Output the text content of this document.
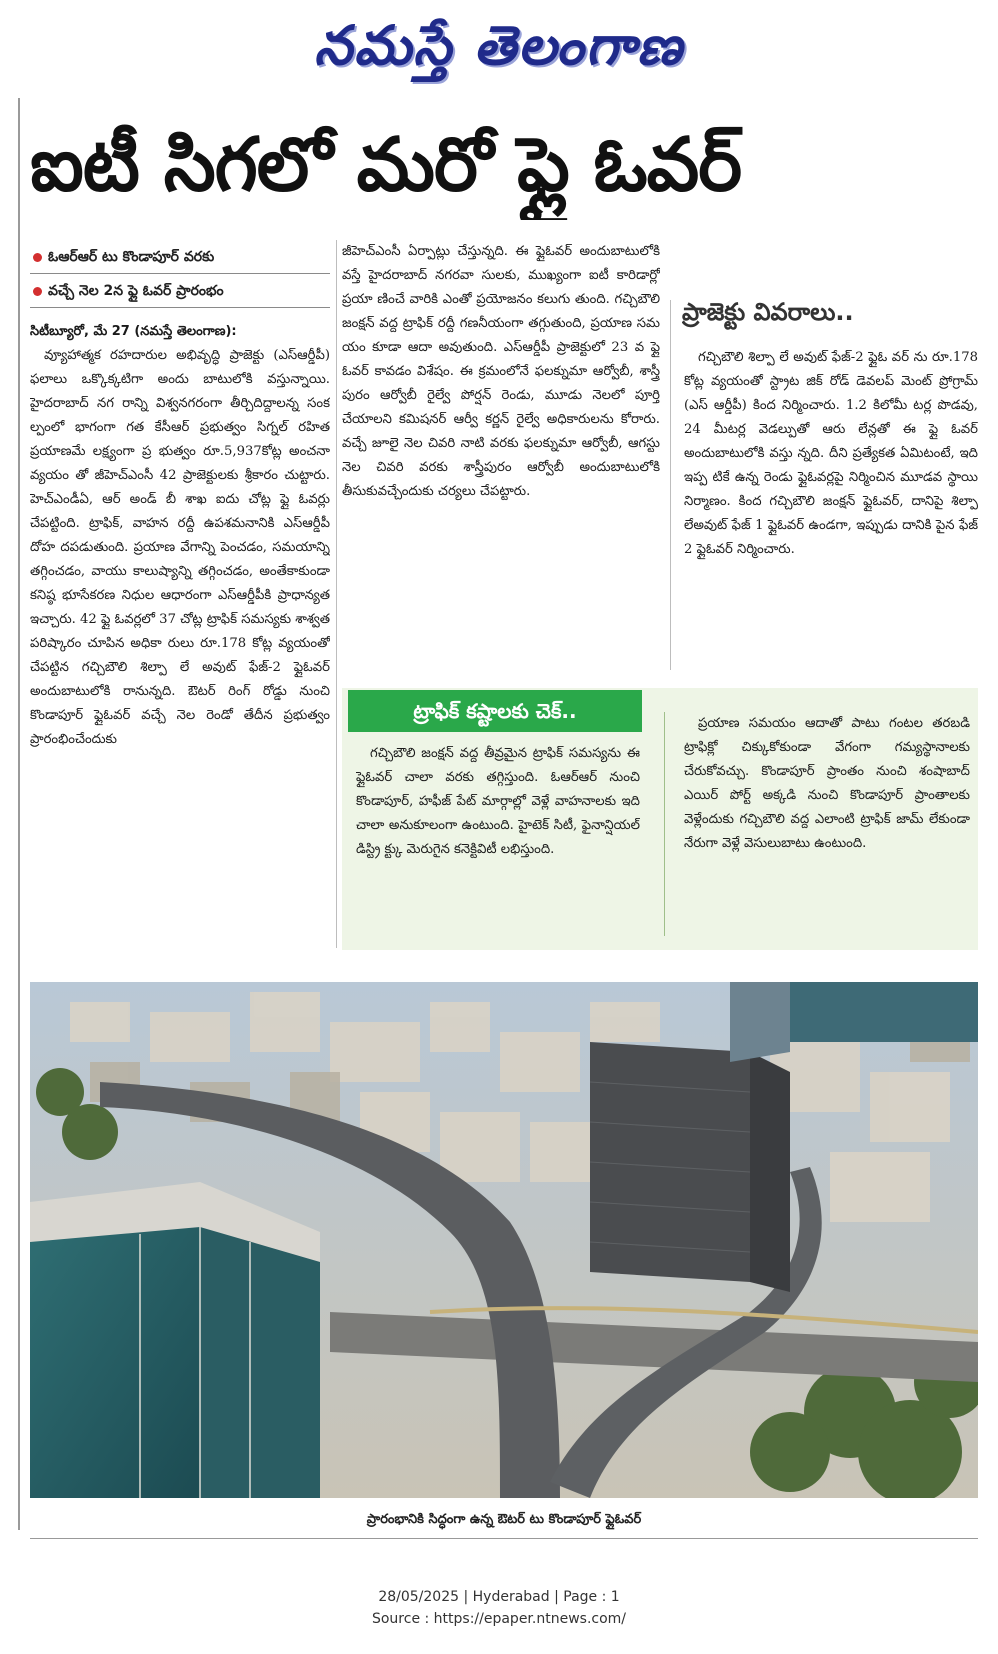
నమస్తే తెలంగాణ
ఐటీ సిగలో మరో ఫ్లై ఓవర్
ఓఆర్ఆర్ టు కొండాపూర్ వరకు
వచ్చే నెల 2న ఫ్లై ఓవర్ ప్రారంభం

సిటీబ్యూరో, మే 27 (నమస్తే తెలంగాణ):

వ్యూహాత్మక రహదారుల అభివృద్ధి ప్రాజెక్టు (ఎస్ఆర్డీపీ) ఫలాలు ఒక్కొక్కటిగా అందు బాటులోకి వస్తున్నాయి. హైదరాబాద్ నగ రాన్ని విశ్వనగరంగా తీర్చిదిద్దాలన్న సంక ల్పంలో భాగంగా గత కేసీఆర్ ప్రభుత్వం సిగ్నల్ రహిత ప్రయాణమే లక్ష్యంగా ప్ర భుత్వం రూ.5,937కోట్ల అంచనా వ్యయం తో జీహెచ్ఎంసీ 42 ప్రాజెక్టులకు శ్రీకారం చుట్టారు. హెచ్ఎండీఏ, ఆర్ అండ్ బీ శాఖ ఐదు చోట్ల ఫ్లై ఓవర్లు చేపట్టింది. ట్రాఫిక్, వాహన రద్దీ ఉపశమనానికి ఎస్ఆర్డీపీ దోహ దపడుతుంది. ప్రయాణ వేగాన్ని పెంచడం, సమయాన్ని తగ్గించడం, వాయు కాలుష్యాన్ని తగ్గించడం, అంతేకాకుండా కనిష్ఠ భూసేకరణ నిధుల ఆధారంగా ఎస్ఆర్డీపీకి ప్రాధాన్యత ఇచ్చారు. 42 ఫ్లై ఓవర్లలో 37 చోట్ల ట్రాఫిక్ సమస్యకు శాశ్వత పరిష్కారం చూపిన అధికా రులు రూ.178 కోట్ల వ్యయంతో చేపట్టిన గచ్చిబౌలి శిల్పా లే అవుట్ ఫేజ్-2 ఫ్లైఓవర్ అందుబాటులోకి రానున్నది. ఔటర్ రింగ్ రోడ్డు నుంచి కొండాపూర్ ఫ్లైఓవర్ వచ్చే నెల రెండో తేదీన ప్రభుత్వం ప్రారంభించేందుకు

జీహెచ్ఎంసీ ఏర్పాట్లు చేస్తున్నది. ఈ ఫ్లైఓవర్ అందుబాటులోకి వస్తే హైదరాబాద్ నగరవా సులకు, ముఖ్యంగా ఐటీ కారిడార్లో ప్రయా ణించే వారికి ఎంతో ప్రయోజనం కలుగు తుంది. గచ్చిబౌలి జంక్షన్ వద్ద ట్రాఫిక్ రద్దీ గణనీయంగా తగ్గుతుంది, ప్రయాణ సమ యం కూడా ఆదా అవుతుంది. ఎస్ఆర్డీపీ ప్రాజెక్టులో 23 వ ఫ్లై ఓవర్ కావడం విశేషం. ఈ క్రమంలోనే ఫలక్నుమా ఆర్వోబీ, శాస్త్రీ పురం ఆర్వోబీ రైల్వే పోర్షన్ రెండు, మూడు నెలలో పూర్తి చేయాలని కమిషనర్ ఆర్వీ కర్ణన్ రైల్వే అధికారులను కోరారు. వచ్చే జూలై నెల చివరి నాటి వరకు ఫలక్నుమా ఆర్వోబీ, ఆగస్టు నెల చివరి వరకు శాస్త్రీపురం ఆర్వోబీ అందుబాటులోకి తీసుకువచ్చేందుకు చర్యలు చేపట్టారు.

ప్రాజెక్టు వివరాలు..

గచ్చిబౌలి శిల్పా లే అవుట్ ఫేజ్-2 ఫ్లైఓ వర్ ను రూ.178 కోట్ల వ్యయంతో స్ట్రాట జిక్ రోడ్ డెవలప్ మెంట్ ప్రోగ్రామ్ (ఎస్ ఆర్డీపీ) కింద నిర్మించారు. 1.2 కిలోమీ టర్ల పొడవు, 24 మీటర్ల వెడల్పుతో ఆరు లేన్లతో ఈ ఫ్లై ఓవర్ అందుబాటులోకి వస్తు న్నది. దీని ప్రత్యేకత ఏమిటంటే, ఇది ఇప్ప టికే ఉన్న రెండు ఫ్లైఓవర్లపై నిర్మించిన మూడవ స్థాయి నిర్మాణం. కింద గచ్చిబౌలి జంక్షన్ ఫ్లైఓవర్, దానిపై శిల్పా లేఅవుట్ ఫేజ్ 1 ఫ్లైఓవర్ ఉండగా, ఇప్పుడు దానికి పైన ఫేజ్ 2 ఫ్లైఓవర్ నిర్మించారు.

ట్రాఫిక్ కష్టాలకు చెక్..

గచ్చిబౌలి జంక్షన్ వద్ద తీవ్రమైన ట్రాఫిక్ సమస్యను ఈ ఫ్లైఓవర్ చాలా వరకు తగ్గిస్తుంది. ఓఆర్ఆర్ నుంచి కొండాపూర్, హఫీజ్ పేట్ మార్గాల్లో వెళ్లే వాహనాలకు ఇది చాలా అనుకూలంగా ఉంటుంది. హైటెక్ సిటీ, ఫైనాన్షియల్ డిస్ట్రి క్ట్కు మెరుగైన కనెక్టివిటీ లభిస్తుంది.

ప్రయాణ సమయం ఆదాతో పాటు గంటల తరబడి ట్రాఫిక్లో చిక్కుకోకుండా వేగంగా గమ్యస్థానాలకు చేరుకోవచ్చు. కొండాపూర్ ప్రాంతం నుంచి శంషాబాద్ ఎయిర్ పోర్ట్ అక్కడి నుంచి కొండాపూర్ ప్రాంతాలకు వెళ్లేందుకు గచ్చిబౌలి వద్ద ఎలాంటి ట్రాఫిక్ జామ్ లేకుండా నేరుగా వెళ్లే వెసులుబాటు ఉంటుంది.

ప్రారంభానికి సిద్ధంగా ఉన్న ఔటర్ టు కొండాపూర్ ఫ్లైఓవర్
28/05/2025 | Hyderabad | Page : 1
Source : https://epaper.ntnews.com/
